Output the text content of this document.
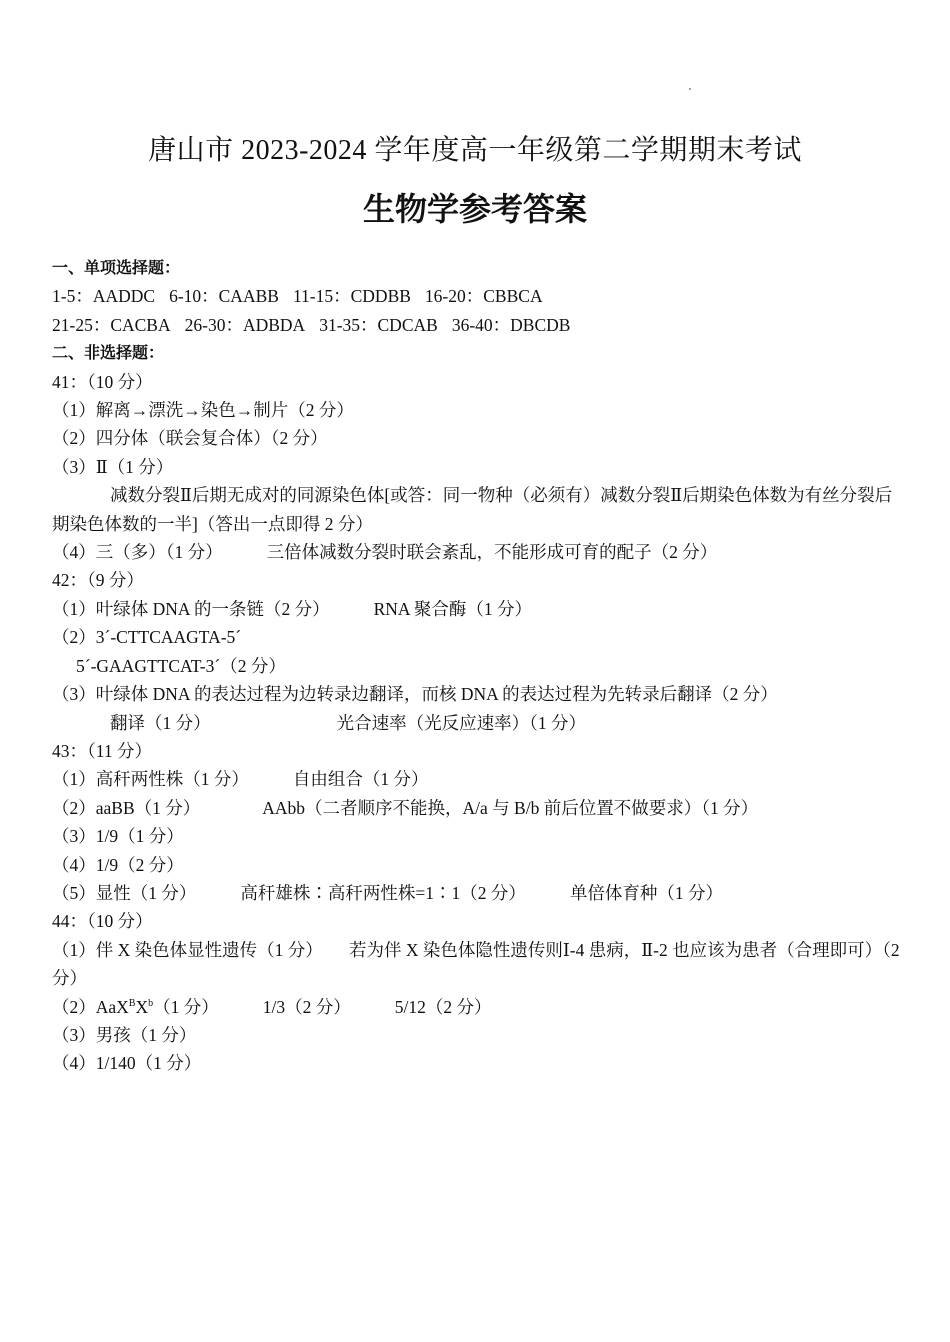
唐山市 2023-2024 学年度高一年级第二学期期末考试
生物学参考答案
一、单项选择题：
1-5：AADDC 6-10：CAABB 11-15：CDDBB 16-20：CBBCA
21-25：CACBA 26-30：ADBDA 31-35：CDCAB 36-40：DBCDB
二、非选择题：
41：（10 分）
（1）解离→漂洗→染色→制片（2 分）
（2）四分体（联会复合体）（2 分）
（3）Ⅱ（1 分）
减数分裂Ⅱ后期无成对的同源染色体[或答：同一物种（必须有）减数分裂Ⅱ后期染色体数为有丝分裂后期染色体数的一半]（答出一点即得 2 分）
（4）三（多）（1 分）	三倍体减数分裂时联会紊乱，不能形成可育的配子（2 分）
42：（9 分）
（1）叶绿体 DNA 的一条链（2 分）	RNA 聚合酶（1 分）
（2）3´-CTTCAAGTA-5´
5´-GAAGTTCAT-3´（2 分）
（3）叶绿体 DNA 的表达过程为边转录边翻译，而核 DNA 的表达过程为先转录后翻译（2 分）
翻译（1 分）	光合速率（光反应速率）（1 分）
43：（11 分）
（1）高秆两性株（1 分）	自由组合（1 分）
（2）aaBB（1 分）	AAbb（二者顺序不能换，A/a 与 B/b 前后位置不做要求）（1 分）
（3）1/9（1 分）
（4）1/9（2 分）
（5）显性（1 分）	高秆雄株∶高秆两性株=1∶1（2 分）	单倍体育种（1 分）
44：（10 分）
（1）伴 X 染色体显性遗传（1 分）　　若为伴 X 染色体隐性遗传则Ⅰ-4 患病，Ⅱ-2 也应该为患者（合理即可）（2 分）
$(2)AaX^BX^b(1$ 分）	1/3（2 分）	5/12（2 分）
（3）男孩（1 分）
（4）1/140（1 分）
